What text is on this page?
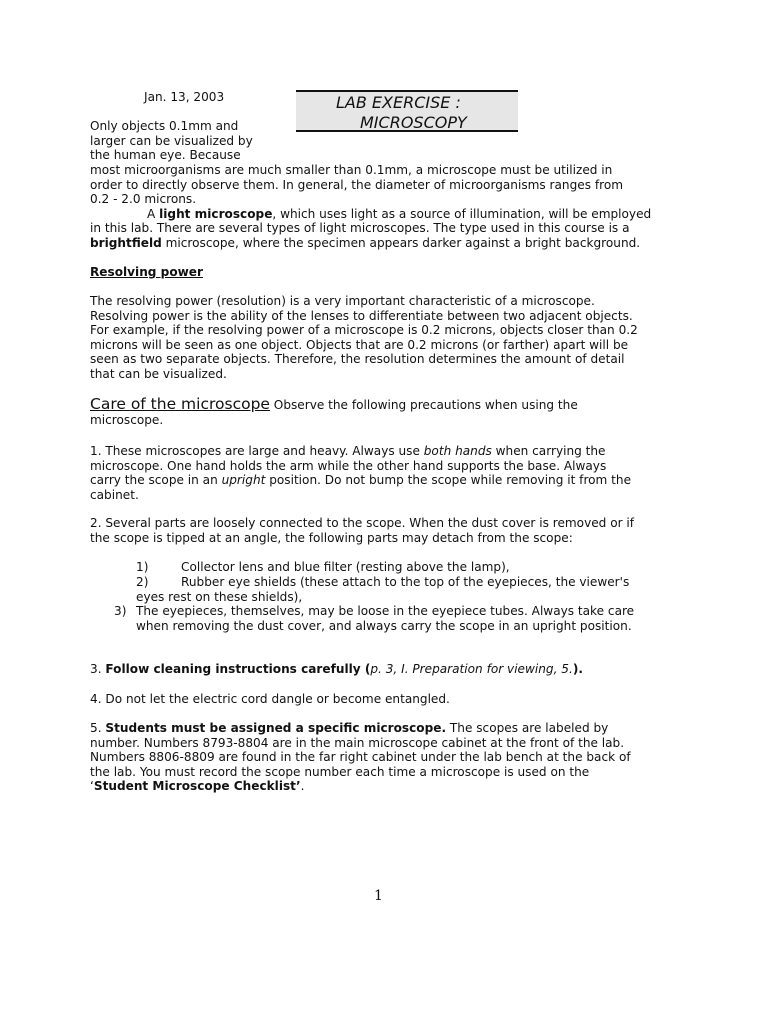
Jan. 13, 2003	LAB EXERCISE :
MICROSCOPY
Only objects 0.1mm and
larger can be visualized by
the human eye. Because
most microorganisms are much smaller than 0.1mm, a microscope must be utilized in
order to directly observe them. In general, the diameter of microorganisms ranges from
0.2 - 2.0 microns.
A light microscope, which uses light as a source of illumination, will be employed
in this lab. There are several types of light microscopes. The type used in this course is a
brightfield microscope, where the specimen appears darker against a bright background.
Resolving power
The resolving power (resolution) is a very important characteristic of a microscope.
Resolving power is the ability of the lenses to differentiate between two adjacent objects.
For example, if the resolving power of a microscope is 0.2 microns, objects closer than 0.2
microns will be seen as one object. Objects that are 0.2 microns (or farther) apart will be
seen as two separate objects. Therefore, the resolution determines the amount of detail
that can be visualized.
Care of the microscope Observe the following precautions when using the
microscope.
1. These microscopes are large and heavy. Always use both hands when carrying the
microscope. One hand holds the arm while the other hand supports the base. Always
carry the scope in an upright position. Do not bump the scope while removing it from the
cabinet.
2. Several parts are loosely connected to the scope. When the dust cover is removed or if
the scope is tipped at an angle, the following parts may detach from the scope:
1)	Collector lens and blue filter (resting above the lamp),
2)	Rubber eye shields (these attach to the top of the eyepieces, the viewer's
eyes rest on these shields),
3) The eyepieces, themselves, may be loose in the eyepiece tubes. Always take care
when removing the dust cover, and always carry the scope in an upright position.
3. Follow cleaning instructions carefully (p. 3, I. Preparation for viewing, 5.).
4. Do not let the electric cord dangle or become entangled.
5. Students must be assigned a specific microscope. The scopes are labeled by
number. Numbers 8793-8804 are in the main microscope cabinet at the front of the lab.
Numbers 8806-8809 are found in the far right cabinet under the lab bench at the back of
the lab. You must record the scope number each time a microscope is used on the
‘Student Microscope Checklist’.
1
